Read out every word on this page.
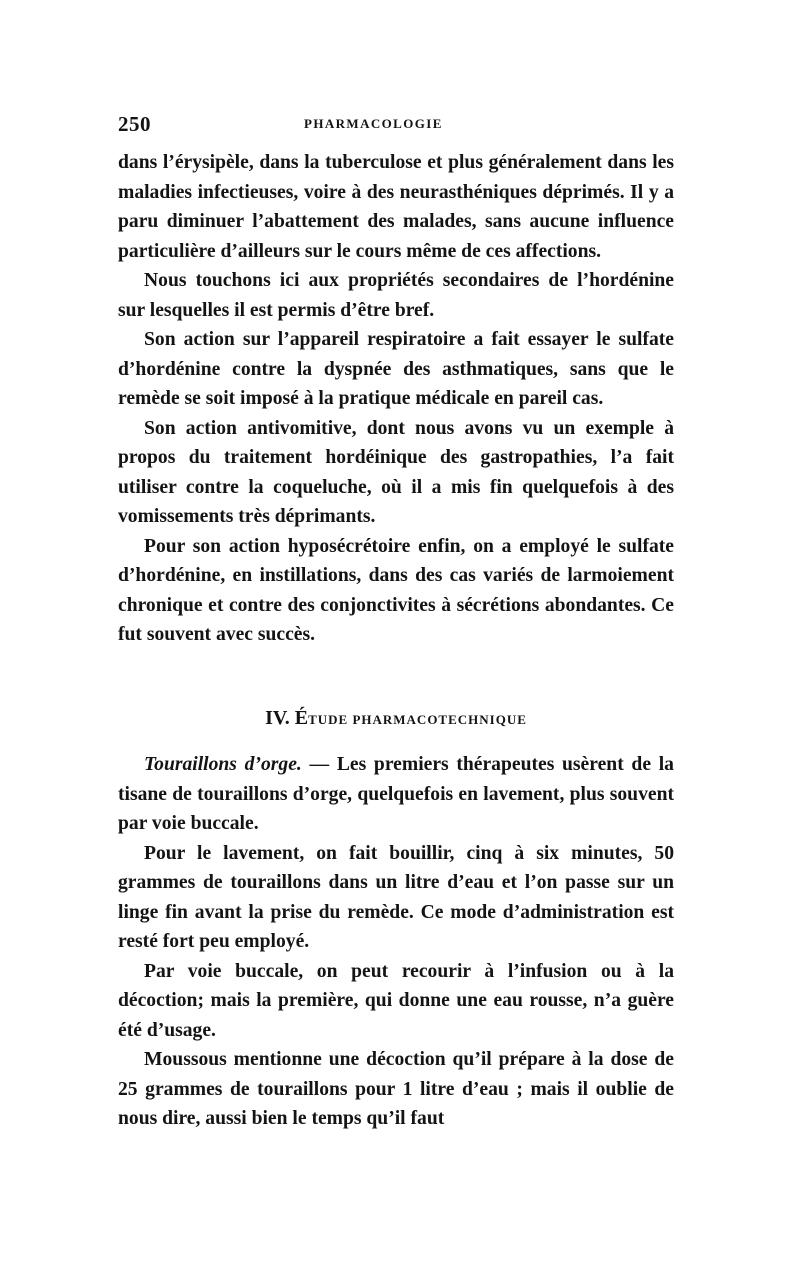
250	PHARMACOLOGIE

dans l’érysipèle, dans la tuberculose et plus généralement dans les maladies infectieuses, voire à des neurasthéniques déprimés. Il y a paru diminuer l’abattement des malades, sans aucune influence particulière d’ailleurs sur le cours même de ces affections.

Nous touchons ici aux propriétés secondaires de l’hordénine sur lesquelles il est permis d’être bref.

Son action sur l’appareil respiratoire a fait essayer le sulfate d’hordénine contre la dyspnée des asthmatiques, sans que le remède se soit imposé à la pratique médicale en pareil cas.

Son action antivomitive, dont nous avons vu un exemple à propos du traitement hordéinique des gastropathies, l’a fait utiliser contre la coqueluche, où il a mis fin quelquefois à des vomissements très déprimants.

Pour son action hyposécrétoire enfin, on a employé le sulfate d’hordénine, en instillations, dans des cas variés de larmoiement chronique et contre des conjonctivites à sécrétions abondantes. Ce fut souvent avec succès.

IV. ÉTUDE PHARMACOTECHNIQUE

Touraillons d’orge. — Les premiers thérapeutes usèrent de la tisane de touraillons d’orge, quelquefois en lavement, plus souvent par voie buccale.

Pour le lavement, on fait bouillir, cinq à six minutes, 50 grammes de touraillons dans un litre d’eau et l’on passe sur un linge fin avant la prise du remède. Ce mode d’administration est resté fort peu employé.

Par voie buccale, on peut recourir à l’infusion ou à la décoction; mais la première, qui donne une eau rousse, n’a guère été d’usage.

Moussous mentionne une décoction qu’il prépare à la dose de 25 grammes de touraillons pour 1 litre d’eau ; mais il oublie de nous dire, aussi bien le temps qu’il faut
